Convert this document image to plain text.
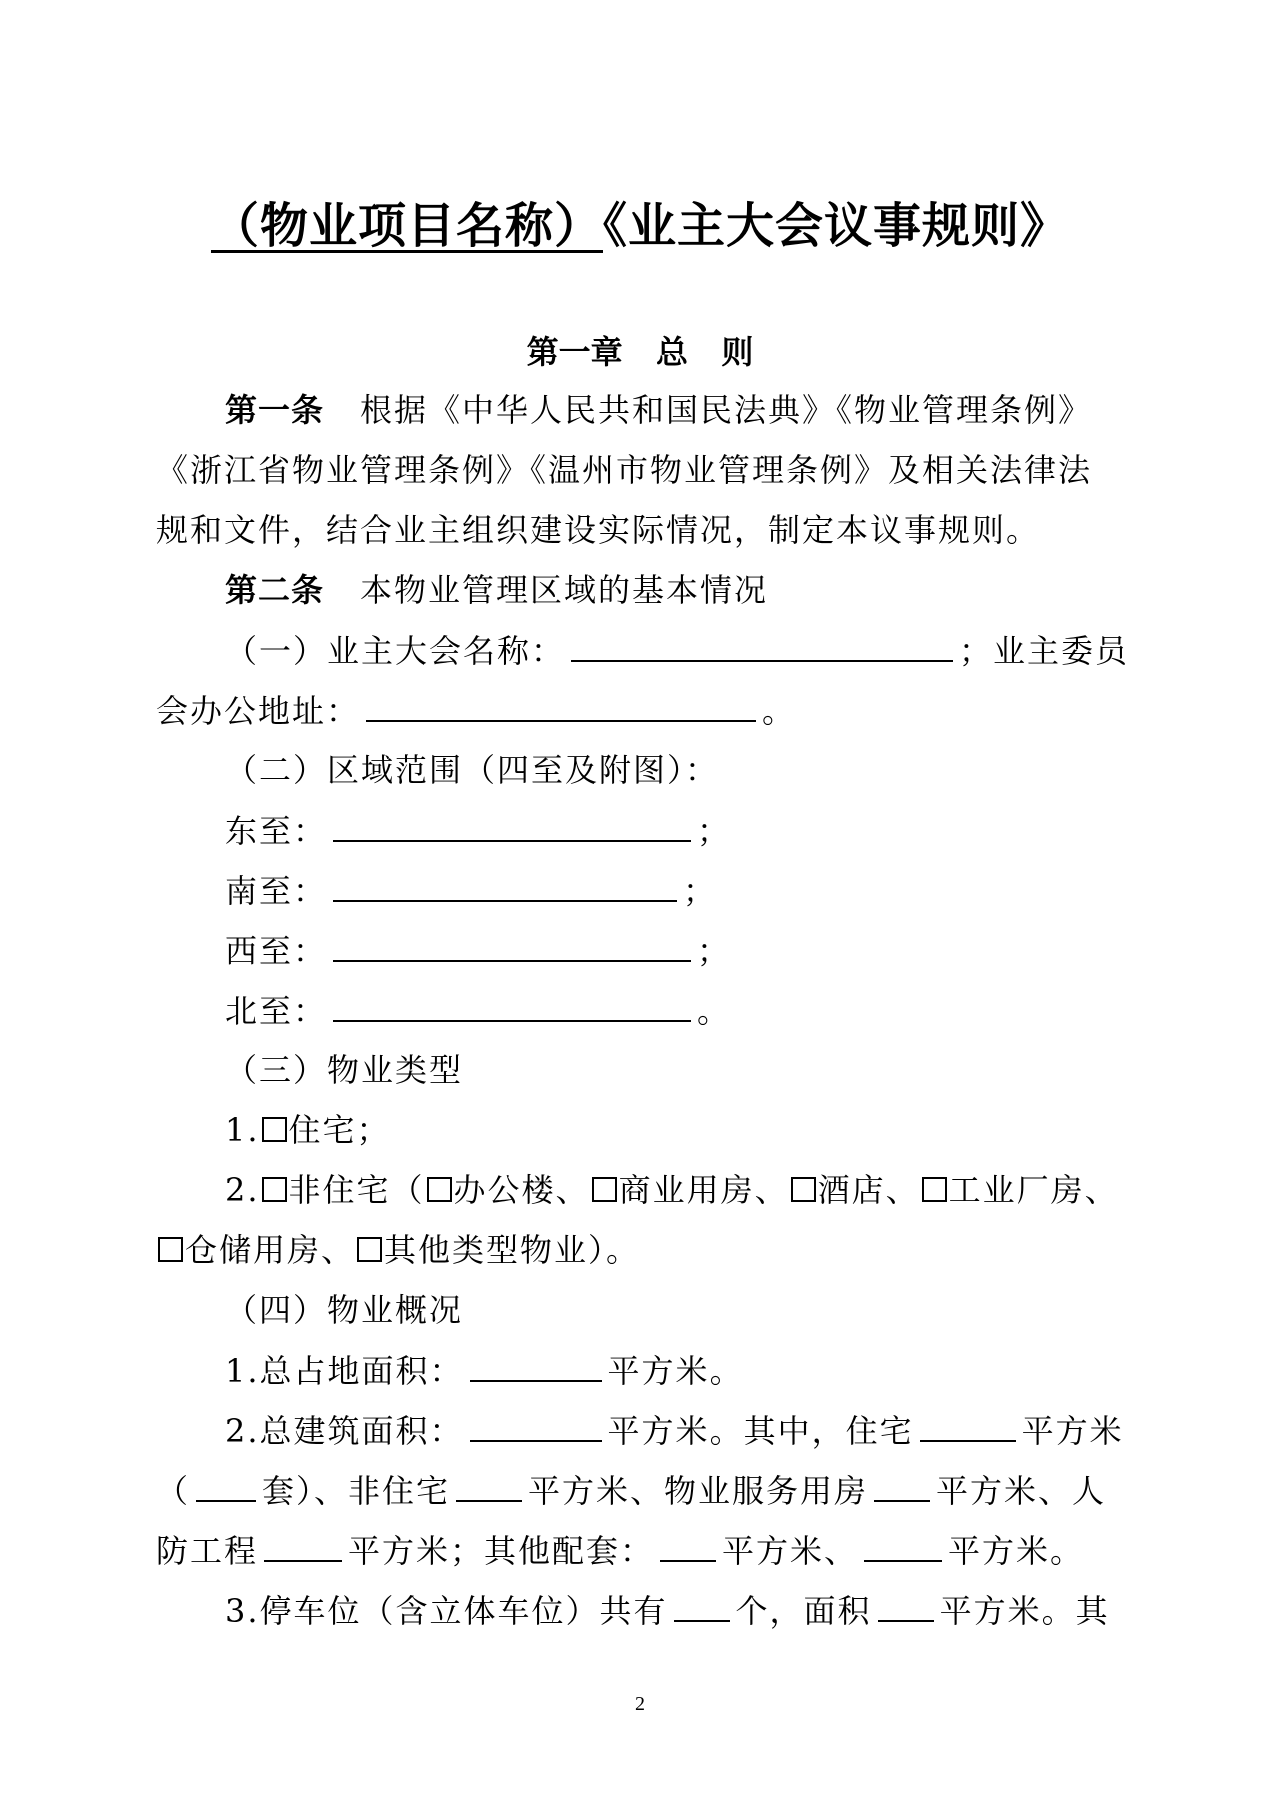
（物业项目名称）《业主大会议事规则》
第一章   总   则
第一条 根据《中华人民共和国民法典》《物业管理条例》
《浙江省物业管理条例》《温州市物业管理条例》及相关法律法
规和文件，结合业主组织建设实际情况，制定本议事规则。
第二条 本物业管理区域的基本情况
（一）业主大会名称：	；业主委员
会办公地址：	。
（二）区域范围（四至及附图）：
东至：	；
南至：	；
西至：	；
北至：	。
（三）物业类型
1. 住宅；
2. 非住宅（ 办公楼、 商业用房、 酒店、 工业厂房、
仓储用房、 其他类型物业）。
（四）物业概况
1.总占地面积：	平方米。
2.总建筑面积：	平方米。其中，住宅	平方米
（ 套）、非住宅 平方米、物业服务用房 平方米、人
防工程	平方米；其他配套： 平方米、	平方米。
3.停车位（含立体车位）共有 个，面积 平方米。其
2
